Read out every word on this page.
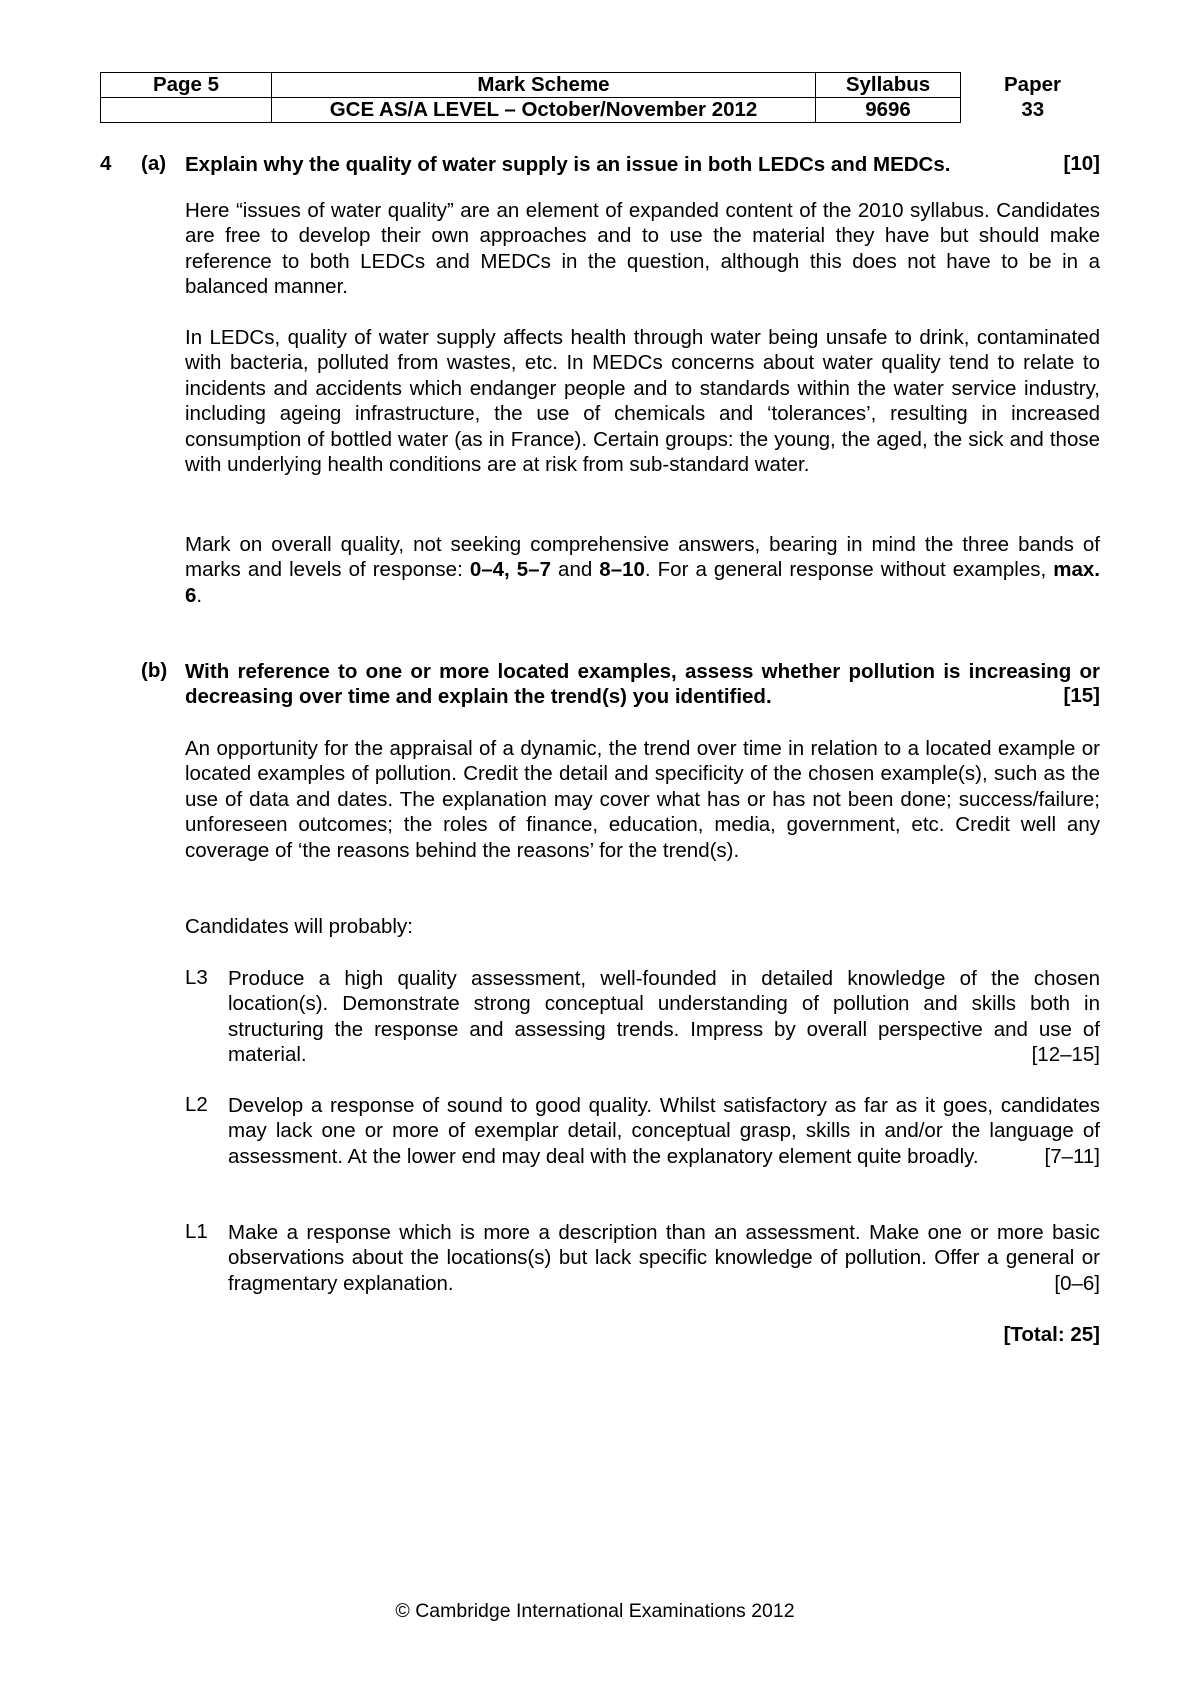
Page 5	Mark Scheme	Syllabus	Paper
	GCE AS/A LEVEL – October/November 2012	9696	33
4 (a) Explain why the quality of water supply is an issue in both LEDCs and MEDCs.	[10]
Here “issues of water quality” are an element of expanded content of the 2010 syllabus. Candidates are free to develop their own approaches and to use the material they have but should make reference to both LEDCs and MEDCs in the question, although this does not have to be in a balanced manner.
In LEDCs, quality of water supply affects health through water being unsafe to drink, contaminated with bacteria, polluted from wastes, etc. In MEDCs concerns about water quality tend to relate to incidents and accidents which endanger people and to standards within the water service industry, including ageing infrastructure, the use of chemicals and ‘tolerances’, resulting in increased consumption of bottled water (as in France). Certain groups: the young, the aged, the sick and those with underlying health conditions are at risk from sub-standard water.
Mark on overall quality, not seeking comprehensive answers, bearing in mind the three bands of marks and levels of response: 0–4, 5–7 and 8–10. For a general response without examples, max. 6.
(b) With reference to one or more located examples, assess whether pollution is increasing or decreasing over time and explain the trend(s) you identified.	[15]
An opportunity for the appraisal of a dynamic, the trend over time in relation to a located example or located examples of pollution. Credit the detail and specificity of the chosen example(s), such as the use of data and dates. The explanation may cover what has or has not been done; success/failure; unforeseen outcomes; the roles of finance, education, media, government, etc. Credit well any coverage of ‘the reasons behind the reasons’ for the trend(s).
Candidates will probably:
L3 Produce a high quality assessment, well-founded in detailed knowledge of the chosen location(s). Demonstrate strong conceptual understanding of pollution and skills both in structuring the response and assessing trends. Impress by overall perspective and use of material.	[12–15]
L2 Develop a response of sound to good quality. Whilst satisfactory as far as it goes, candidates may lack one or more of exemplar detail, conceptual grasp, skills in and/or the language of assessment. At the lower end may deal with the explanatory element quite broadly.	[7–11]
L1 Make a response which is more a description than an assessment. Make one or more basic observations about the locations(s) but lack specific knowledge of pollution. Offer a general or fragmentary explanation.	[0–6]
[Total: 25]
© Cambridge International Examinations 2012
